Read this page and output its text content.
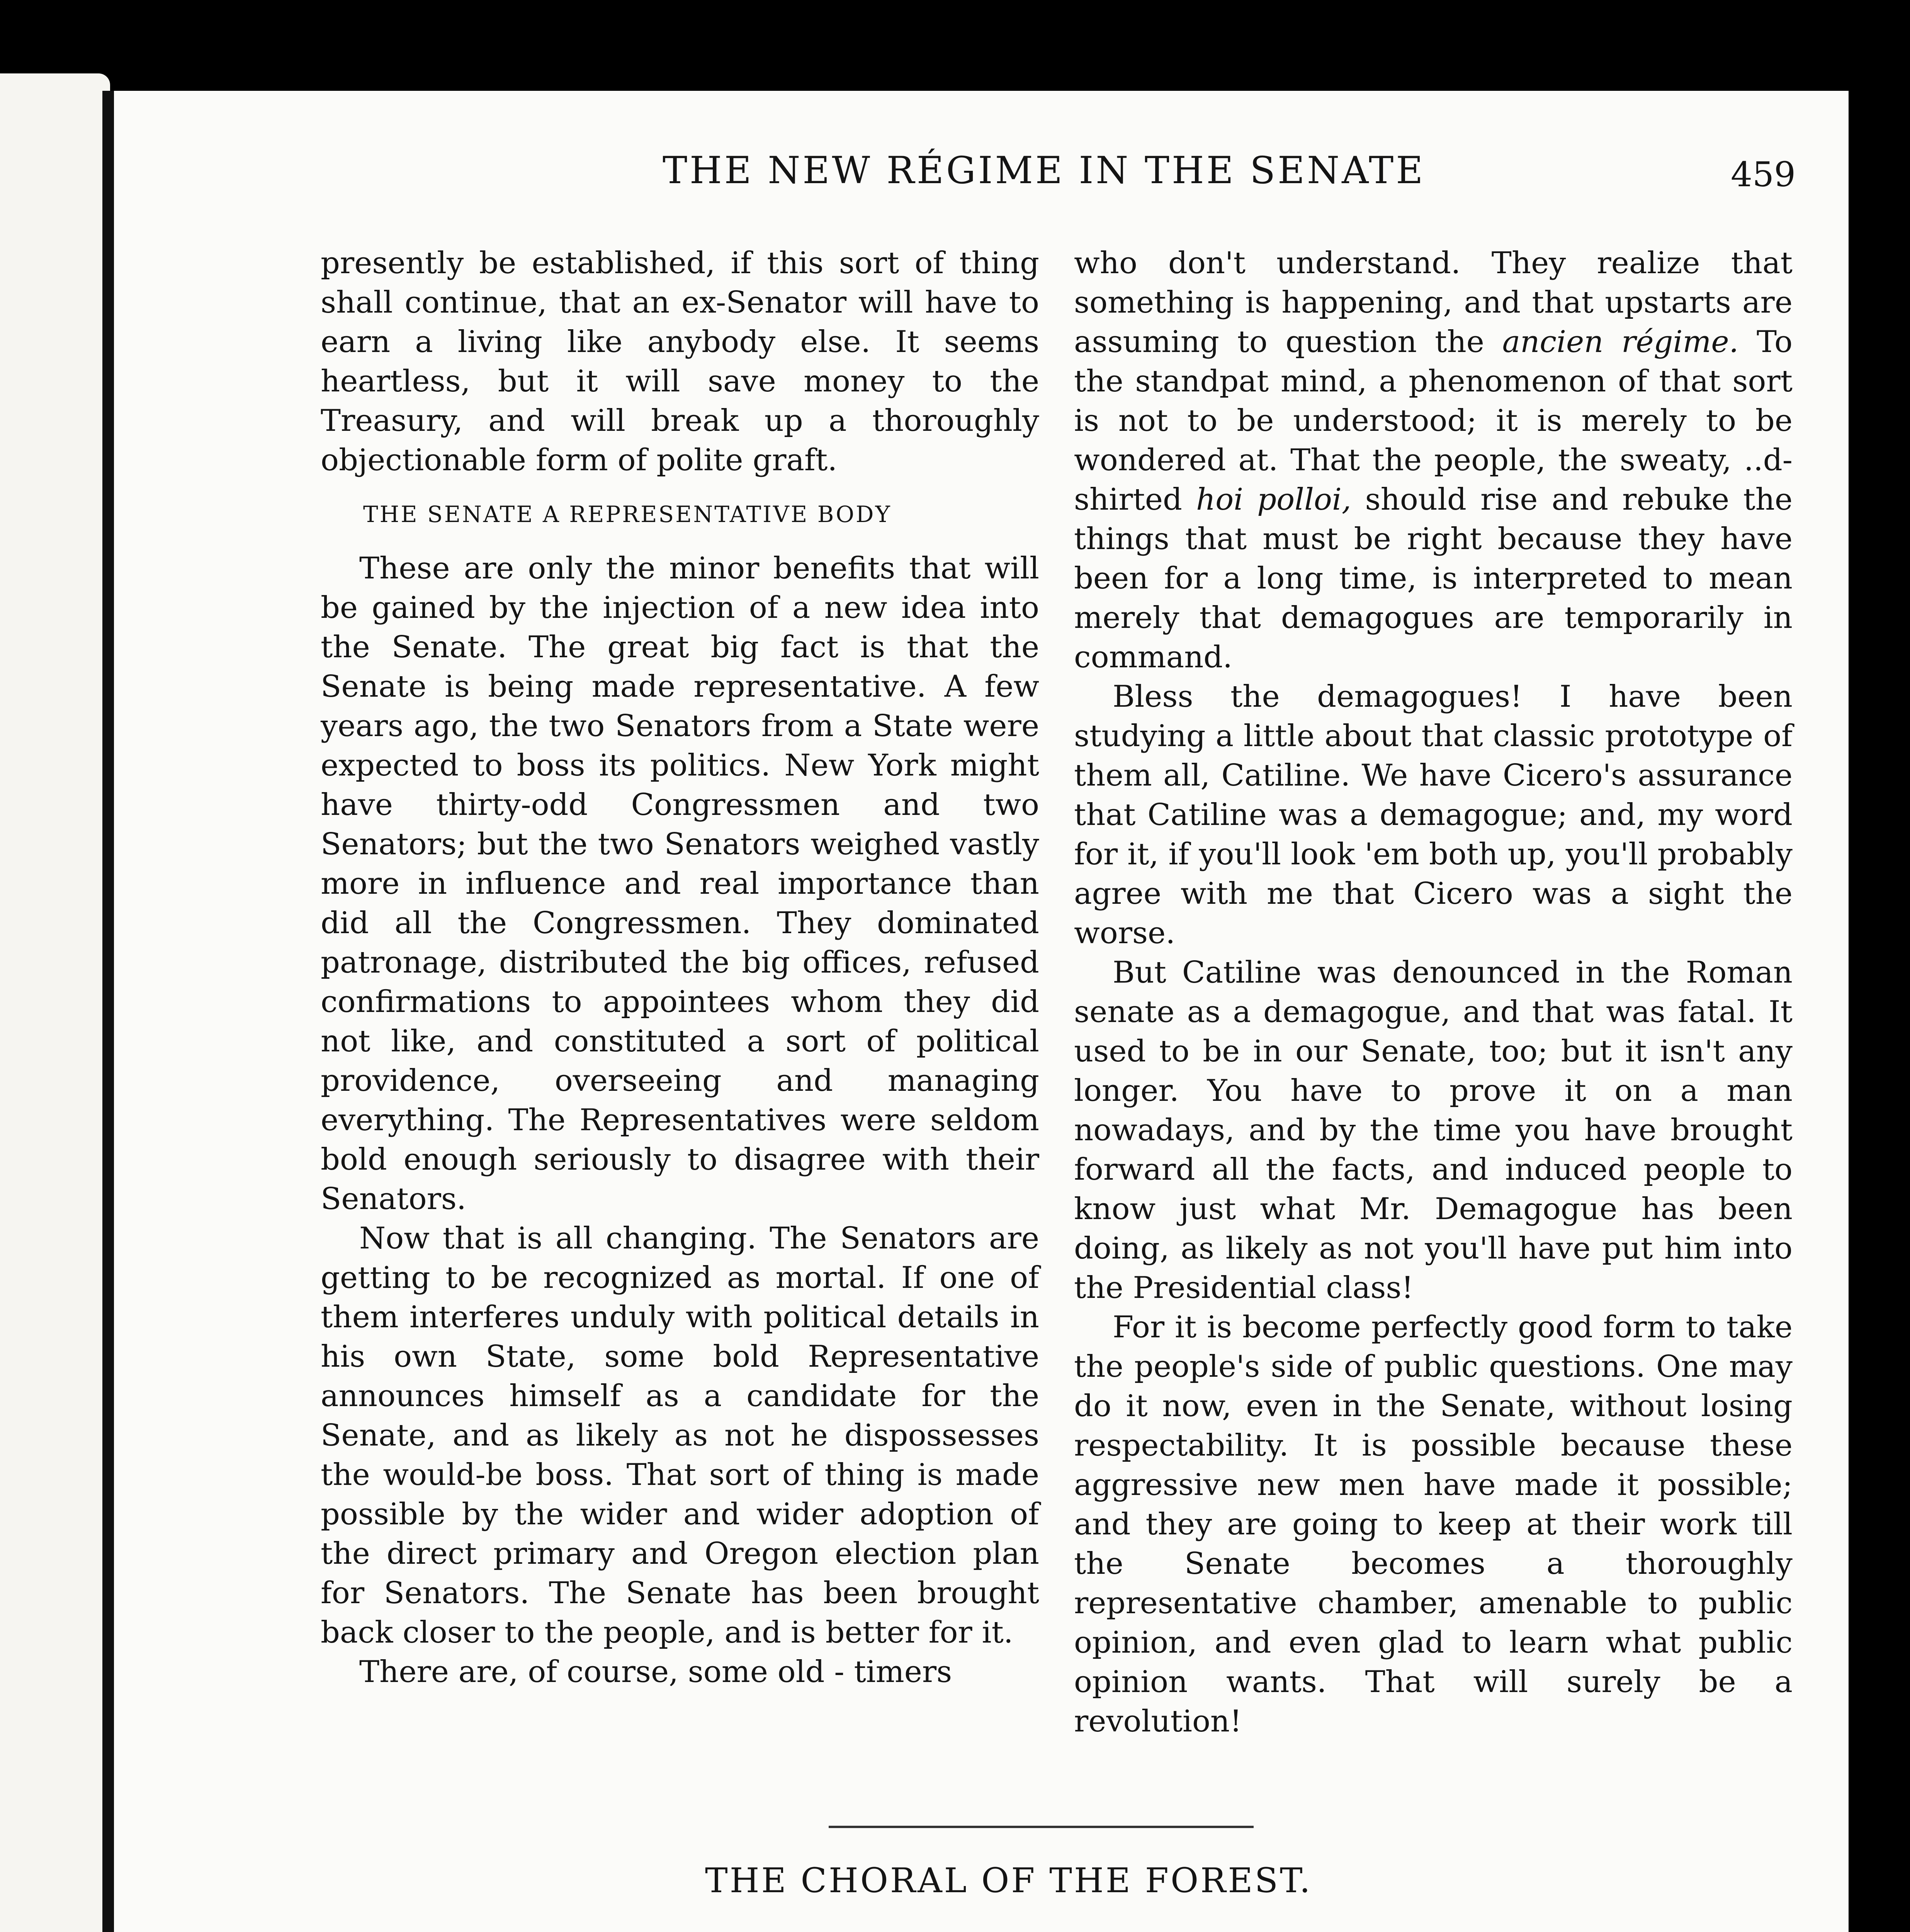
THE NEW RÉGIME IN THE SENATE	459

presently be established, if this sort of thing shall continue, that an ex-Senator will have to earn a living like anybody else. It seems heartless, but it will save money to the Treasury, and will break up a thoroughly objectionable form of polite graft.

THE SENATE A REPRESENTATIVE BODY

These are only the minor benefits that will be gained by the injection of a new idea into the Senate. The great big fact is that the Senate is being made representative. A few years ago, the two Senators from a State were expected to boss its politics. New York might have thirty-odd Congressmen and two Senators; but the two Senators weighed vastly more in influence and real importance than did all the Congressmen. They dominated patronage, distributed the big offices, refused confirmations to appointees whom they did not like, and constituted a sort of political providence, overseeing and managing everything. The Representatives were seldom bold enough seriously to disagree with their Senators.

Now that is all changing. The Senators are getting to be recognized as mortal. If one of them interferes unduly with political details in his own State, some bold Representative announces himself as a candidate for the Senate, and as likely as not he dispossesses the would-be boss. That sort of thing is made possible by the wider and wider adoption of the direct primary and Oregon election plan for Senators. The Senate has been brought back closer to the people, and is better for it.

There are, of course, some old - timers

who don't understand. They realize that something is happening, and that upstarts are assuming to question the ancien régime. To the standpat mind, a phenomenon of that sort is not to be understood; it is merely to be wondered at. That the people, the sweaty, ..d-shirted hoi polloi, should rise and rebuke the things that must be right because they have been for a long time, is interpreted to mean merely that demagogues are temporarily in command.

Bless the demagogues! I have been studying a little about that classic prototype of them all, Catiline. We have Cicero's assurance that Catiline was a demagogue; and, my word for it, if you'll look 'em both up, you'll probably agree with me that Cicero was a sight the worse.

But Catiline was denounced in the Roman senate as a demagogue, and that was fatal. It used to be in our Senate, too; but it isn't any longer. You have to prove it on a man nowadays, and by the time you have brought forward all the facts, and induced people to know just what Mr. Demagogue has been doing, as likely as not you'll have put him into the Presidential class!

For it is become perfectly good form to take the people's side of public questions. One may do it now, even in the Senate, without losing respectability. It is possible because these aggressive new men have made it possible; and they are going to keep at their work till the Senate becomes a thoroughly representative chamber, amenable to public opinion, and even glad to learn what public opinion wants. That will surely be a revolution!

THE CHORAL OF THE FOREST.
